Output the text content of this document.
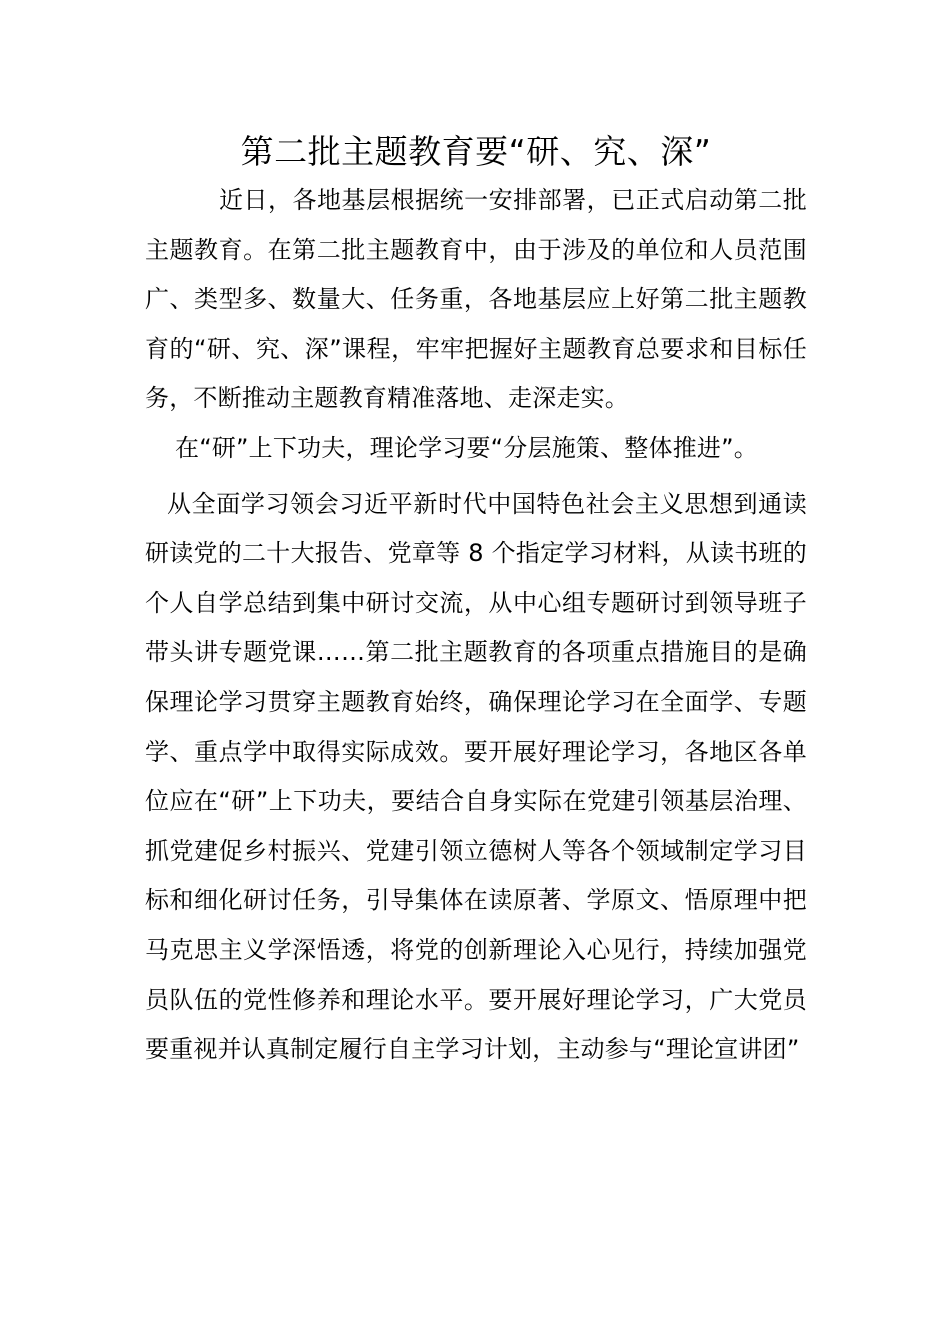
第二批主题教育要“研、究、深”

近日，各地基层根据统一安排部署，已正式启动第二批主题教育。在第二批主题教育中，由于涉及的单位和人员范围广、类型多、数量大、任务重，各地基层应上好第二批主题教育的“研、究、深”课程，牢牢把握好主题教育总要求和目标任务，不断推动主题教育精准落地、走深走实。

在“研”上下功夫，理论学习要“分层施策、整体推进”。

从全面学习领会习近平新时代中国特色社会主义思想到通读研读党的二十大报告、党章等 8 个指定学习材料，从读书班的个人自学总结到集中研讨交流，从中心组专题研讨到领导班子带头讲专题党课……第二批主题教育的各项重点措施目的是确保理论学习贯穿主题教育始终，确保理论学习在全面学、专题学、重点学中取得实际成效。要开展好理论学习，各地区各单位应在“研”上下功夫，要结合自身实际在党建引领基层治理、抓党建促乡村振兴、党建引领立德树人等各个领域制定学习目标和细化研讨任务，引导集体在读原著、学原文、悟原理中把马克思主义学深悟透，将党的创新理论入心见行，持续加强党员队伍的党性修养和理论水平。要开展好理论学习，广大党员要重视并认真制定履行自主学习计划，主动参与“理论宣讲团”
